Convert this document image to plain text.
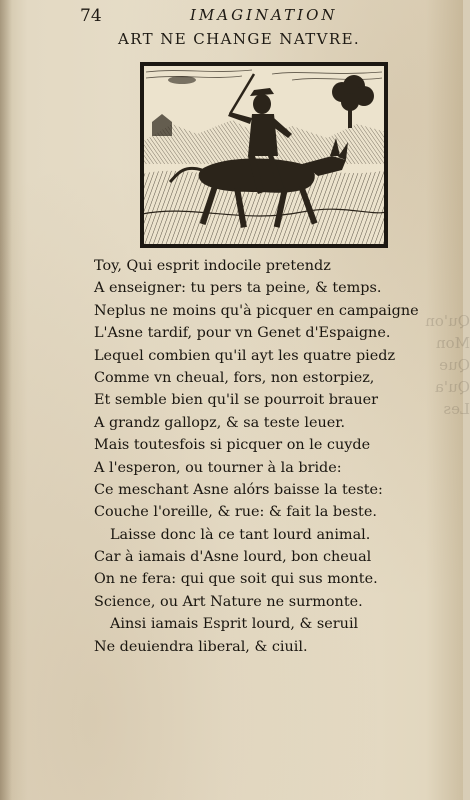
74	IMAGINATION
ART NE CHANGE NATVRE.
Toy, Qui esprit indocile pretendz
A enseigner: tu pers ta peine, & temps.
Neplus ne moins qu'à picquer en campaigne
L'Asne tardif, pour vn Genet d'Espaigne.
Lequel combien qu'il ayt les quatre piedz
Comme vn cheual, fors, non estorpiez,
Et semble bien qu'il se pourroit brauer
A grandz gallopz, & sa teste leuer.
Mais toutesfois si picquer on le cuyde
A l'esperon, ou tourner à la bride:
Ce meschant Asne alórs baisse la teste:
Couche l'oreille, & rue: & fait la beste.
Laisse donc là ce tant lourd animal.
Car à iamais d'Asne lourd, bon cheual
On ne fera: qui que soit qui sus monte.
Science, ou Art Nature ne surmonte.
Ainsi iamais Esprit lourd, & seruil
Ne deuiendra liberal, & ciuil.
Qu'on
Mon
Que
Qu'a
Les
